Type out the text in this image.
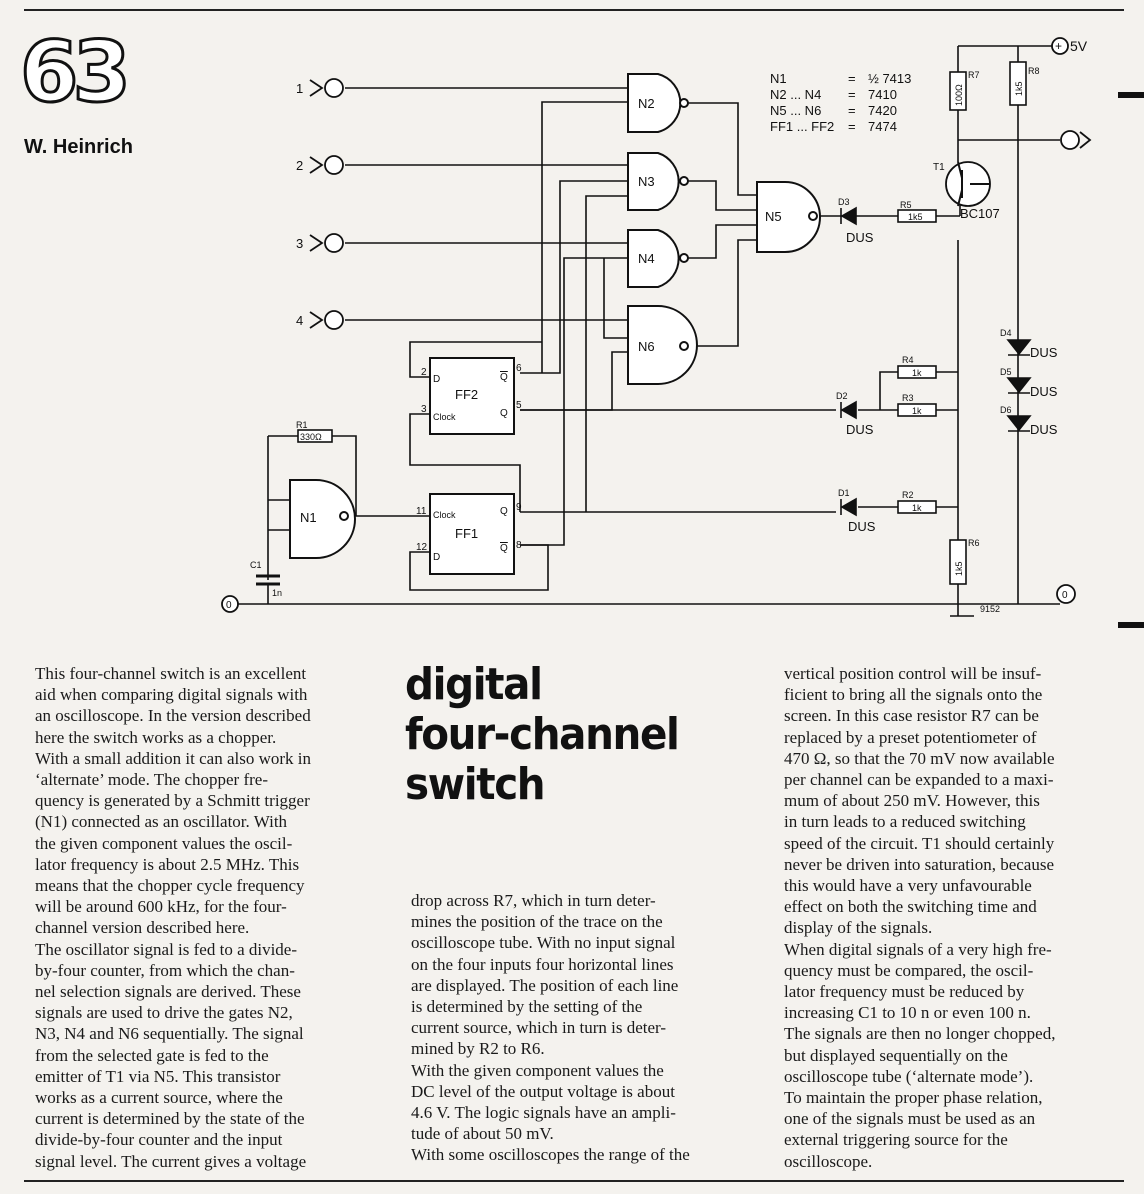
63
W. Heinrich
1
2
3
4
0
0
+ 5V
N2
N3
N4
N6
N5
N1
FF2
FF1
D
Clock
Q
Q
Clock
D
Q
Q
2
3	5
6
11
12
9
8
R1
330Ω
C1
1n
N1	= ½ 7413
N2 ... N4 = 7410
N5 ... N6 = 7420
FF1 ... FF2 = 7474
100Ω
R7
1k5
R8
T1
BC107
R5
1k5
D3
DUS
D2
DUS
R4
1k
R3
1k
D1
DUS
R2
1k
1k5
R6
D4
DUS
D5
DUS
D6
DUS
9152
digital
four-channel
switch

This four-channel switch is an excellent

aid when comparing digital signals with

an oscilloscope. In the version described

here the switch works as a chopper.

With a small addition it can also work in

‘alternate’ mode. The chopper fre-

quency is generated by a Schmitt trigger

(N1) connected as an oscillator. With

the given component values the oscil-

lator frequency is about 2.5 MHz. This

means that the chopper cycle frequency

will be around 600 kHz, for the four-

channel version described here.

The oscillator signal is fed to a divide-

by-four counter, from which the chan-

nel selection signals are derived. These

signals are used to drive the gates N2,

N3, N4 and N6 sequentially. The signal

from the selected gate is fed to the

emitter of T1 via N5. This transistor

works as a current source, where the

current is determined by the state of the

divide-by-four counter and the input

signal level. The current gives a voltage

drop across R7, which in turn deter-

mines the position of the trace on the

oscilloscope tube. With no input signal

on the four inputs four horizontal lines

are displayed. The position of each line

is determined by the setting of the

current source, which in turn is deter-

mined by R2 to R6.

With the given component values the

DC level of the output voltage is about

4.6 V. The logic signals have an ampli-

tude of about 50 mV.

With some oscilloscopes the range of the

vertical position control will be insuf-

ficient to bring all the signals onto the

screen. In this case resistor R7 can be

replaced by a preset potentiometer of

470 Ω, so that the 70 mV now available

per channel can be expanded to a maxi-

mum of about 250 mV. However, this

in turn leads to a reduced switching

speed of the circuit. T1 should certainly

never be driven into saturation, because

this would have a very unfavourable

effect on both the switching time and

display of the signals.

When digital signals of a very high fre-

quency must be compared, the oscil-

lator frequency must be reduced by

increasing C1 to 10 n or even 100 n.

The signals are then no longer chopped,

but displayed sequentially on the

oscilloscope tube (‘alternate mode’).

To maintain the proper phase relation,

one of the signals must be used as an

external triggering source for the

oscilloscope.
